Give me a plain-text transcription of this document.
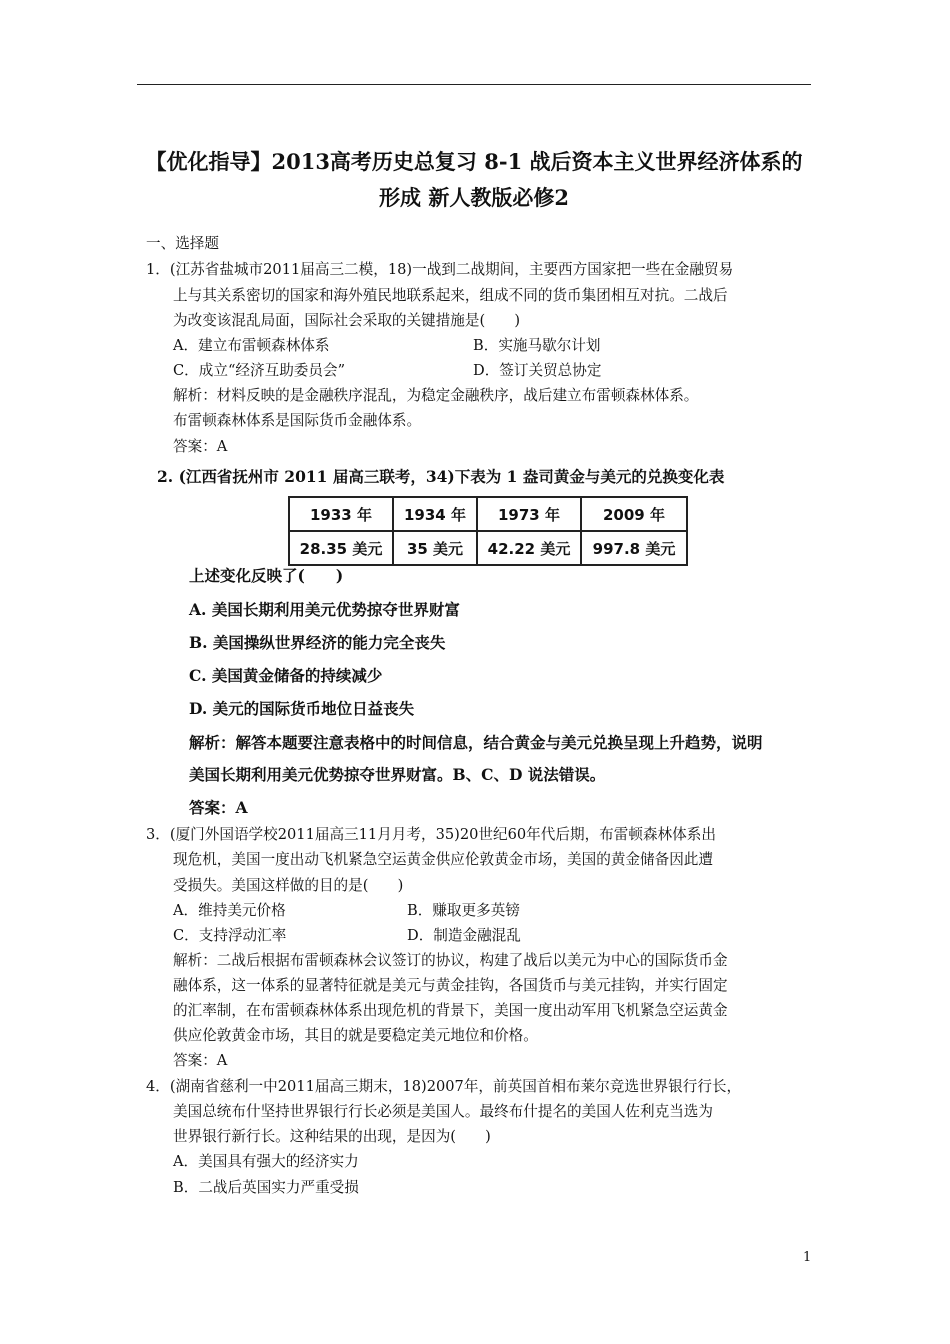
【优化指导】2013高考历史总复习 8-1 战后资本主义世界经济体系的
形成 新人教版必修2
一、选择题
1．(江苏省盐城市2011届高三二模，18)一战到二战期间，主要西方国家把一些在金融贸易
上与其关系密切的国家和海外殖民地联系起来，组成不同的货币集团相互对抗。二战后
为改变该混乱局面，国际社会采取的关键措施是(　　)
A．建立布雷顿森林体系	B．实施马歇尔计划
C．成立“经济互助委员会”	D．签订关贸总协定
解析：材料反映的是金融秩序混乱，为稳定金融秩序，战后建立布雷顿森林体系。
布雷顿森林体系是国际货币金融体系。
答案：A
2. (江西省抚州市 2011 届高三联考，34)下表为 1 盎司黄金与美元的兑换变化表
1933 年	1934 年	1973 年	2009 年
28.35 美元	35 美元	42.22 美元	997.8 美元
上述变化反映了(　　)
A. 美国长期利用美元优势掠夺世界财富
B. 美国操纵世界经济的能力完全丧失
C. 美国黄金储备的持续减少
D. 美元的国际货币地位日益丧失
解析：解答本题要注意表格中的时间信息，结合黄金与美元兑换呈现上升趋势，说明
美国长期利用美元优势掠夺世界财富。B、C、D 说法错误。
答案：A
3．(厦门外国语学校2011届高三11月月考，35)20世纪60年代后期，布雷顿森林体系出
现危机，美国一度出动飞机紧急空运黄金供应伦敦黄金市场，美国的黄金储备因此遭
受损失。美国这样做的目的是(　　)
A．维持美元价格	B．赚取更多英镑
C．支持浮动汇率	D．制造金融混乱
解析：二战后根据布雷顿森林会议签订的协议，构建了战后以美元为中心的国际货币金
融体系，这一体系的显著特征就是美元与黄金挂钩，各国货币与美元挂钩，并实行固定
的汇率制，在布雷顿森林体系出现危机的背景下，美国一度出动军用飞机紧急空运黄金
供应伦敦黄金市场，其目的就是要稳定美元地位和价格。
答案：A
4．(湖南省慈利一中2011届高三期末，18)2007年，前英国首相布莱尔竞选世界银行行长，
美国总统布什坚持世界银行行长必须是美国人。最终布什提名的美国人佐利克当选为
世界银行新行长。这种结果的出现，是因为(　　)
A．美国具有强大的经济实力
B．二战后英国实力严重受损
1
